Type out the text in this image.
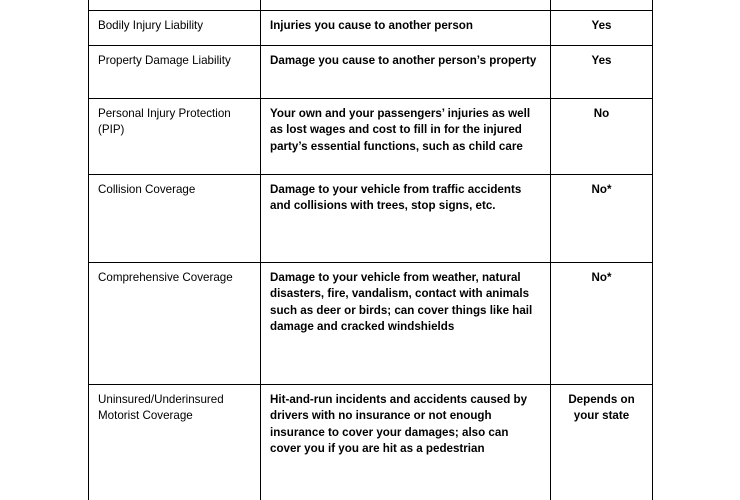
Bodily Injury Liability	Injuries you cause to another person	Yes
Property Damage Liability	Damage you cause to another person’s property	Yes
Personal Injury Protection (PIP)	Your own and your passengers’ injuries as well as lost wages and cost to fill in for the injured party’s essential functions, such as child care	No
Collision Coverage	Damage to your vehicle from traffic accidents and collisions with trees, stop signs, etc.	No*
Comprehensive Coverage	Damage to your vehicle from weather, natural disasters, fire, vandalism, contact with animals such as deer or birds; can cover things like hail damage and cracked windshields	No*
Uninsured/Underinsured Motorist Coverage	Hit-and-run incidents and accidents caused by drivers with no insurance or not enough insurance to cover your damages; also can cover you if you are hit as a pedestrian	Depends on your state
